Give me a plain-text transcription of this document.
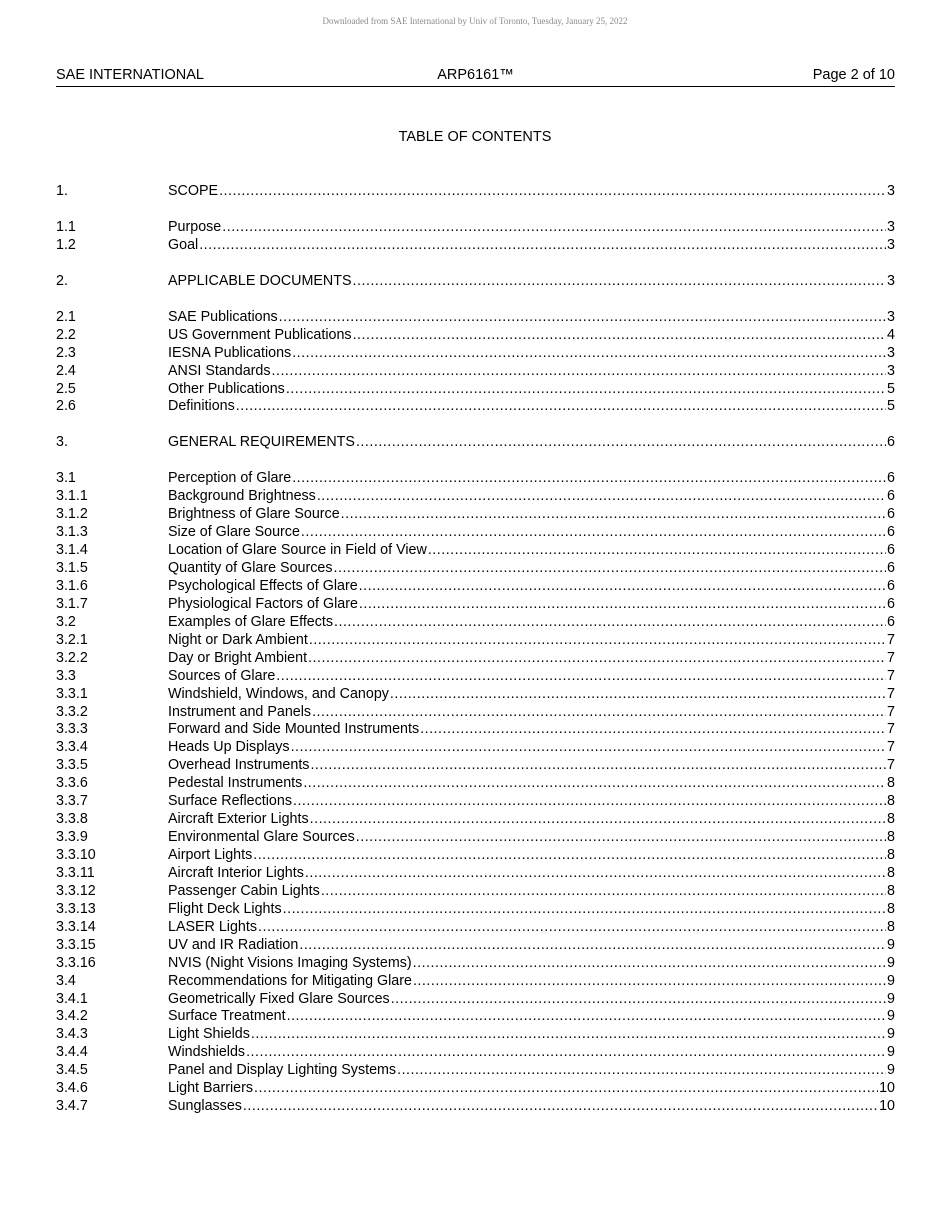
Downloaded from SAE International by Univ of Toronto, Tuesday, January 25, 2022
SAE INTERNATIONAL	ARP6161™	Page 2 of 10
TABLE OF CONTENTS
1.	SCOPE .....	3
1.1	Purpose .....	3
1.2	Goal .....	3
2.	APPLICABLE DOCUMENTS .....	3
2.1	SAE Publications .....	3
2.2	US Government Publications .....	4
2.3	IESNA Publications .....	3
2.4	ANSI Standards .....	3
2.5	Other Publications .....	5
2.6	Definitions .....	5
3.	GENERAL REQUIREMENTS .....	6
3.1	Perception of Glare .....	6
3.1.1	Background Brightness .....	6
3.1.2	Brightness of Glare Source .....	6
3.1.3	Size of Glare Source .....	6
3.1.4	Location of Glare Source in Field of View .....	6
3.1.5	Quantity of Glare Sources .....	6
3.1.6	Psychological Effects of Glare .....	6
3.1.7	Physiological Factors of Glare .....	6
3.2	Examples of Glare Effects .....	6
3.2.1	Night or Dark Ambient .....	7
3.2.2	Day or Bright Ambient .....	7
3.3	Sources of Glare .....	7
3.3.1	Windshield, Windows, and Canopy .....	7
3.3.2	Instrument and Panels .....	7
3.3.3	Forward and Side Mounted Instruments .....	7
3.3.4	Heads Up Displays .....	7
3.3.5	Overhead Instruments .....	7
3.3.6	Pedestal Instruments .....	8
3.3.7	Surface Reflections .....	8
3.3.8	Aircraft Exterior Lights .....	8
3.3.9	Environmental Glare Sources .....	8
3.3.10	Airport Lights .....	8
3.3.11	Aircraft Interior Lights .....	8
3.3.12	Passenger Cabin Lights .....	8
3.3.13	Flight Deck Lights .....	8
3.3.14	LASER Lights .....	8
3.3.15	UV and IR Radiation .....	9
3.3.16	NVIS (Night Visions Imaging Systems) .....	9
3.4	Recommendations for Mitigating Glare .....	9
3.4.1	Geometrically Fixed Glare Sources .....	9
3.4.2	Surface Treatment .....	9
3.4.3	Light Shields .....	9
3.4.4	Windshields .....	9
3.4.5	Panel and Display Lighting Systems .....	9
3.4.6	Light Barriers .....	10
3.4.7	Sunglasses .....	10
